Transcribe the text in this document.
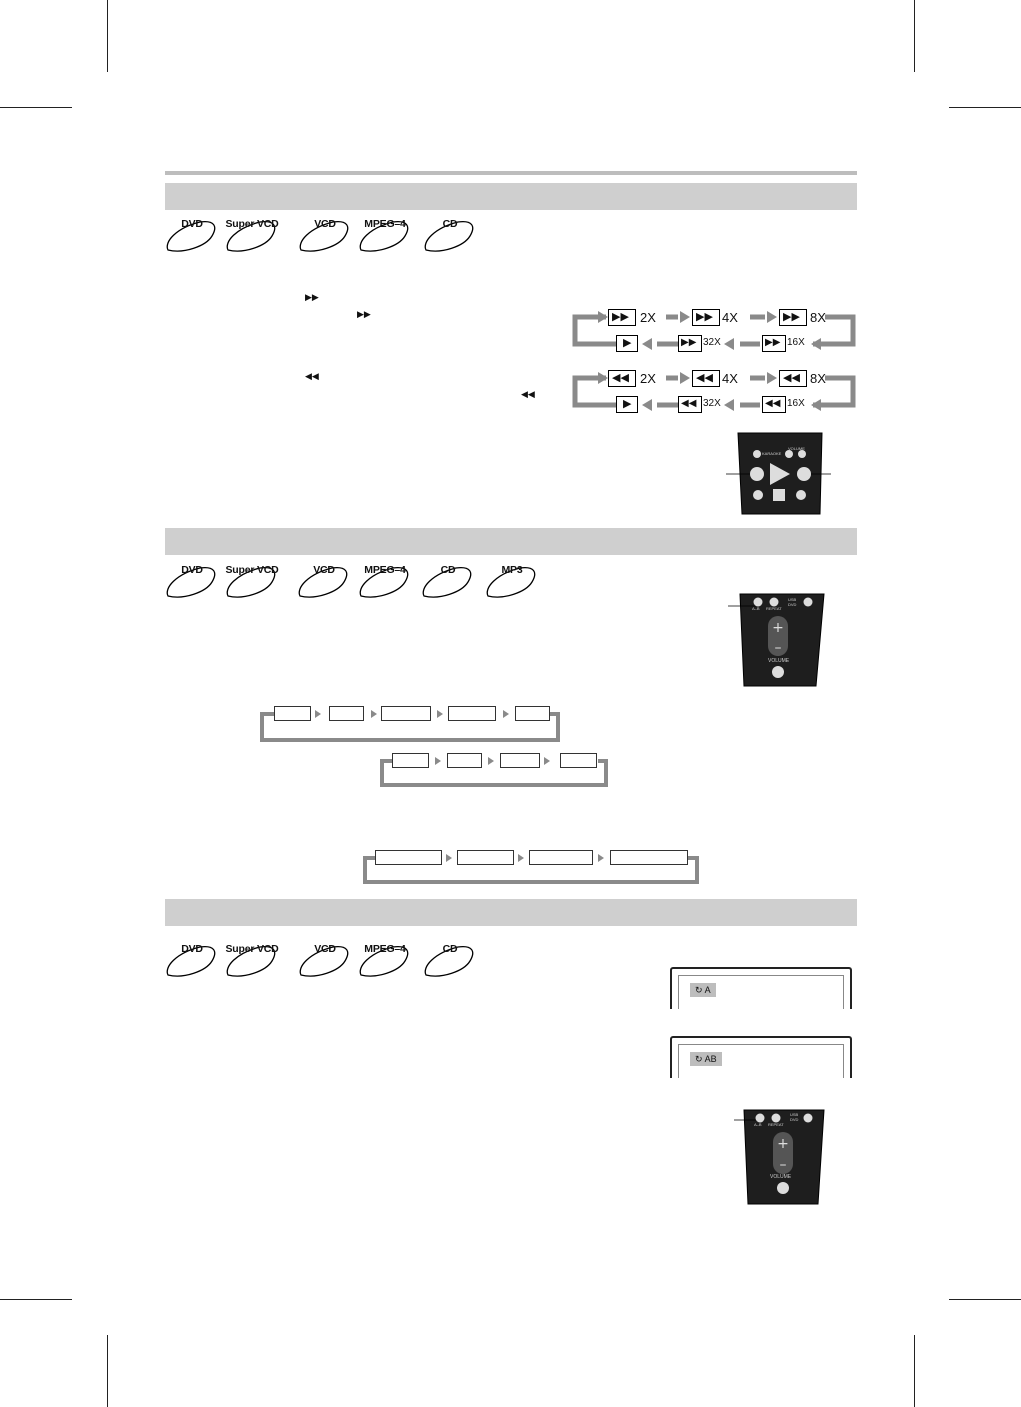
DVD	Super VCD	VCD	MPEG–4	CD
▶▶
▶▶
◀◀
◀◀
▶▶ 2X	▶▶ 4X	▶▶ 8X
▶	▶▶ 32X	▶▶ 16X
◀◀ 2X	◀◀ 4X	◀◀ 8X
▶	◀◀ 32X	◀◀ 16X
KARAOKE
VOLUME
DVD	Super VCD	VCD	MPEG–4	CD	MP3
+
–
A–B REPEAT
USB DVD
VOLUME
DVD	Super VCD	VCD	MPEG–4	CD
↻ A
↻ AB
+
–
A–B REPEAT
USB DVD
VOLUME
